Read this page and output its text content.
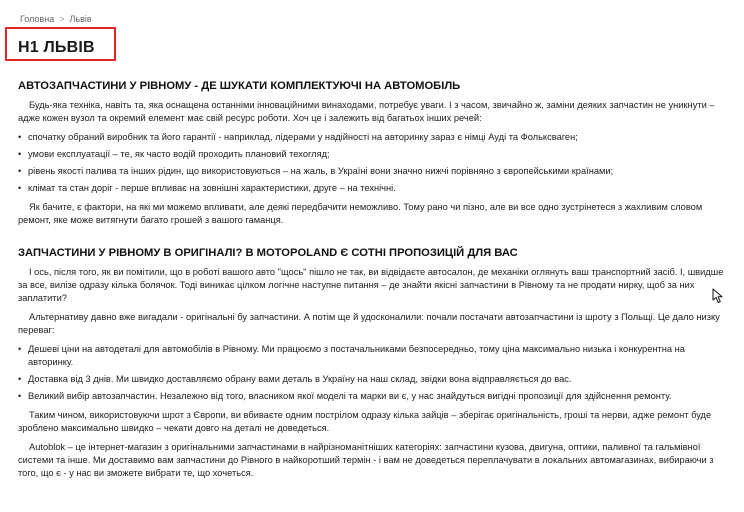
Головна > Львів
H1 ЛЬВІВ
АВТОЗАПЧАСТИНИ У РІВНОМУ - ДЕ ШУКАТИ КОМПЛЕКТУЮЧІ НА АВТОМОБІЛЬ

Будь-яка техніка, навіть та, яка оснащена останніми інноваційними винаходами, потребує уваги. І з часом, звичайно ж, заміни деяких запчастин не уникнути – адже кожен вузол та окремий елемент має свій ресурс роботи. Хоч це і залежить від багатьох інших речей:

• спочатку обраний виробник та його гарантії - наприклад, лідерами у надійності на авторинку зараз є німці Ауді та Фольксваген;
• умови експлуатації – те, як часто водій проходить плановий техогляд;
• рівень якості палива та інших рідин, що використовуються – на жаль, в Україні вони значно нижчі порівняно з європейськими країнами;
• клімат та стан доріг - перше впливає на зовнішні характеристики, друге – на технічні.

Як бачите, є фактори, на які ми можемо впливати, але деякі передбачити неможливо. Тому рано чи пізно, але ви все одно зустрінетеся з жахливим словом ремонт, яке може витягнути багато грошей з вашого гаманця.

ЗАПЧАСТИНИ У РІВНОМУ В ОРИГІНАЛІ? В MOTOPOLAND Є СОТНІ ПРОПОЗИЦІЙ ДЛЯ ВАС

І ось, після того, як ви помітили, що в роботі вашого авто "щось" пішло не так, ви відвідаєте автосалон, де механіки оглянуть ваш транспортний засіб. І, швидше за все, вилізе одразу кілька болячок. Тоді виникає цілком логічне наступне питання – де знайти якісні запчастини в Рівному та не продати нирку, щоб за них заплатити?

Альтернативу давно вже вигадали - оригінальні бу запчастини. А потім ще й удосконалили: почали постачати автозапчастини із шроту з Польщі. Це дало низку переваг:

• Дешеві ціни на автодеталі для автомобілів в Рівному. Ми працюємо з постачальниками безпосередньо, тому ціна максимально низька і конкурентна на авторинку.
• Доставка від 3 днів. Ми швидко доставляємо обрану вами деталь в Україну на наш склад, звідки вона відправляється до вас.
• Великий вибір автозапчастин. Незалежно від того, власником якої моделі та марки ви є, у нас знайдуться вигідні пропозиції для здійснення ремонту.

Таким чином, використовуючи шрот з Європи, ви вбиваєте одним пострілом одразу кілька зайців – зберігає оригінальність, гроші та нерви, адже ремонт буде зроблено максимально швидко – чекати довго на деталі не доведеться.

Autoblok – це інтернет-магазин з оригінальними запчастинами в найрізноманітніших категоріях: запчастини кузова, двигуна, оптики, паливної та гальмівної системи та інше. Ми доставимо вам запчастини до Рівного в найкоротший термін - і вам не доведеться переплачувати в локальних автомагазинах, вибираючи з того, що є - у нас ви зможете вибрати те, що хочеться.
